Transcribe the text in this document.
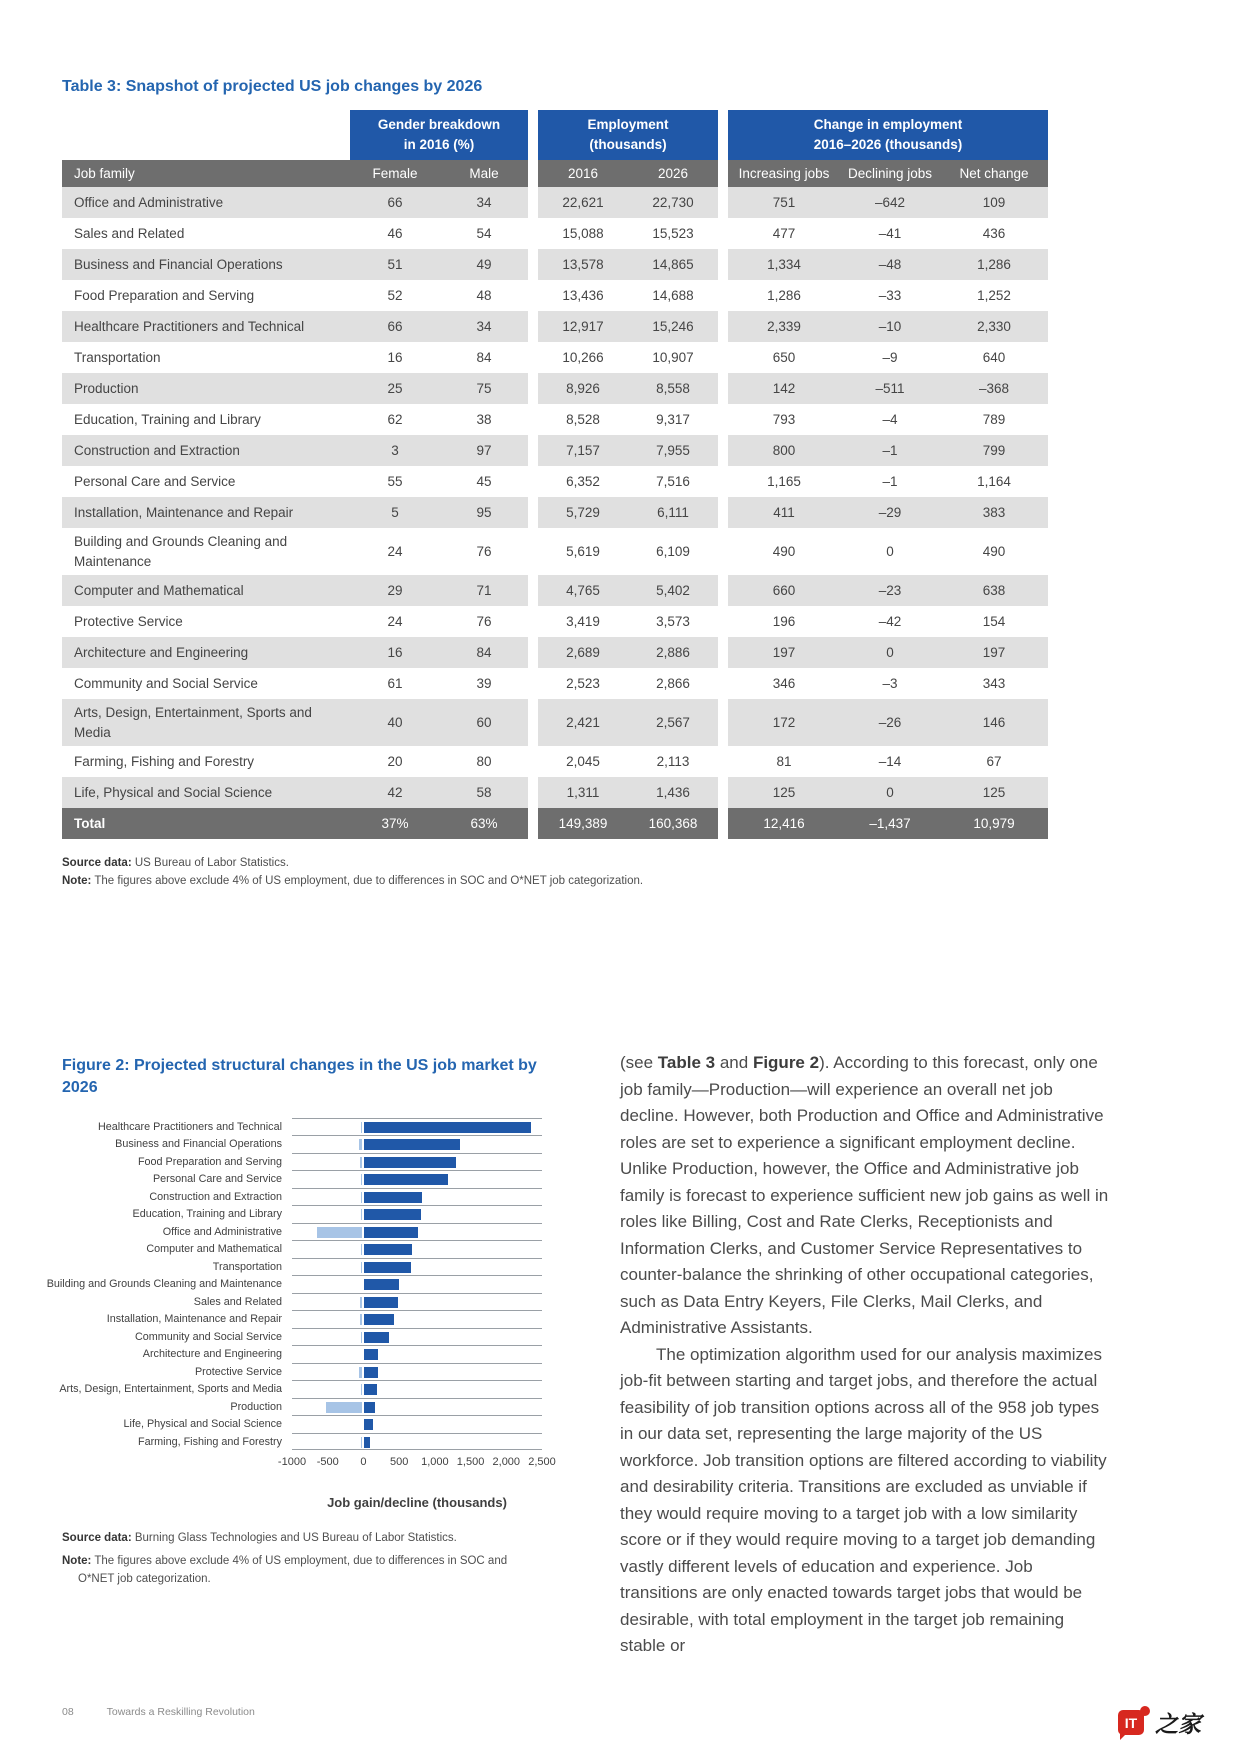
Table 3: Snapshot of projected US job changes by 2026
	Gender breakdown
in 2016 (%)			Employment
(thousands)			Change in employment
2016–2026 (thousands)		
Job family	Female	Male		2016	2026		Increasing jobs	Declining jobs	Net change
Office and Administrative	66	34		22,621	22,730		751	–642	109
Sales and Related	46	54		15,088	15,523		477	–41	436
Business and Financial Operations	51	49		13,578	14,865		1,334	–48	1,286
Food Preparation and Serving	52	48		13,436	14,688		1,286	–33	1,252
Healthcare Practitioners and Technical	66	34		12,917	15,246		2,339	–10	2,330
Transportation	16	84		10,266	10,907		650	–9	640
Production	25	75		8,926	8,558		142	–511	–368
Education, Training and Library	62	38		8,528	9,317		793	–4	789
Construction and Extraction	3	97		7,157	7,955		800	–1	799
Personal Care and Service	55	45		6,352	7,516		1,165	–1	1,164
Installation, Maintenance and Repair	5	95		5,729	6,111		411	–29	383
Building and Grounds Cleaning and Maintenance	24	76		5,619	6,109		490	0	490
Computer and Mathematical	29	71		4,765	5,402		660	–23	638
Protective Service	24	76		3,419	3,573		196	–42	154
Architecture and Engineering	16	84		2,689	2,886		197	0	197
Community and Social Service	61	39		2,523	2,866		346	–3	343
Arts, Design, Entertainment, Sports and Media	40	60		2,421	2,567		172	–26	146
Farming, Fishing and Forestry	20	80		2,045	2,113		81	–14	67
Life, Physical and Social Science	42	58		1,311	1,436		125	0	125
Total	37%	63%		149,389	160,368		12,416	–1,437	10,979

Source data: US Bureau of Labor Statistics.

Note: The figures above exclude 4% of US employment, due to differences in SOC and O*NET job categorization.

Figure 2: Projected structural changes in the US job market by 2026
Healthcare Practitioners and Technical
Business and Financial Operations
Food Preparation and Serving
Personal Care and Service
Construction and Extraction
Education, Training and Library
Office and Administrative
Computer and Mathematical
Transportation
Building and Grounds Cleaning and Maintenance
Sales and Related
Installation, Maintenance and Repair
Community and Social Service
Architecture and Engineering
Protective Service
Arts, Design, Entertainment, Sports and Media
Production
Life, Physical and Social Science
Farming, Fishing and Forestry
-1000 -500 0 500 1,000 1,500 2,000 2,500
Job gain/decline (thousands)

Source data: Burning Glass Technologies and US Bureau of Labor Statistics.

Note: The figures above exclude 4% of US employment, due to differences in SOC and O*NET job categorization.

(see Table 3 and Figure 2). According to this forecast, only one job family—Production—will experience an overall net job decline. However, both Production and Office and Administrative roles are set to experience a significant employment decline. Unlike Production, however, the Office and Administrative job family is forecast to experience sufficient new job gains as well in roles like Billing, Cost and Rate Clerks, Receptionists and Information Clerks, and Customer Service Representatives to counter-balance the shrinking of other occupational categories, such as Data Entry Keyers, File Clerks, Mail Clerks, and Administrative Assistants.

The optimization algorithm used for our analysis maximizes job-fit between starting and target jobs, and therefore the actual feasibility of job transition options across all of the 958 job types in our data set, representing the large majority of the US workforce. Job transition options are filtered according to viability and desirability criteria. Transitions are excluded as unviable if they would require moving to a target job with a low similarity score or if they would require moving to a target job demanding vastly different levels of education and experience. Job transitions are only enacted towards target jobs that would be desirable, with total employment in the target job remaining stable or

08	Towards a Reskilling Revolution
IT 之家
